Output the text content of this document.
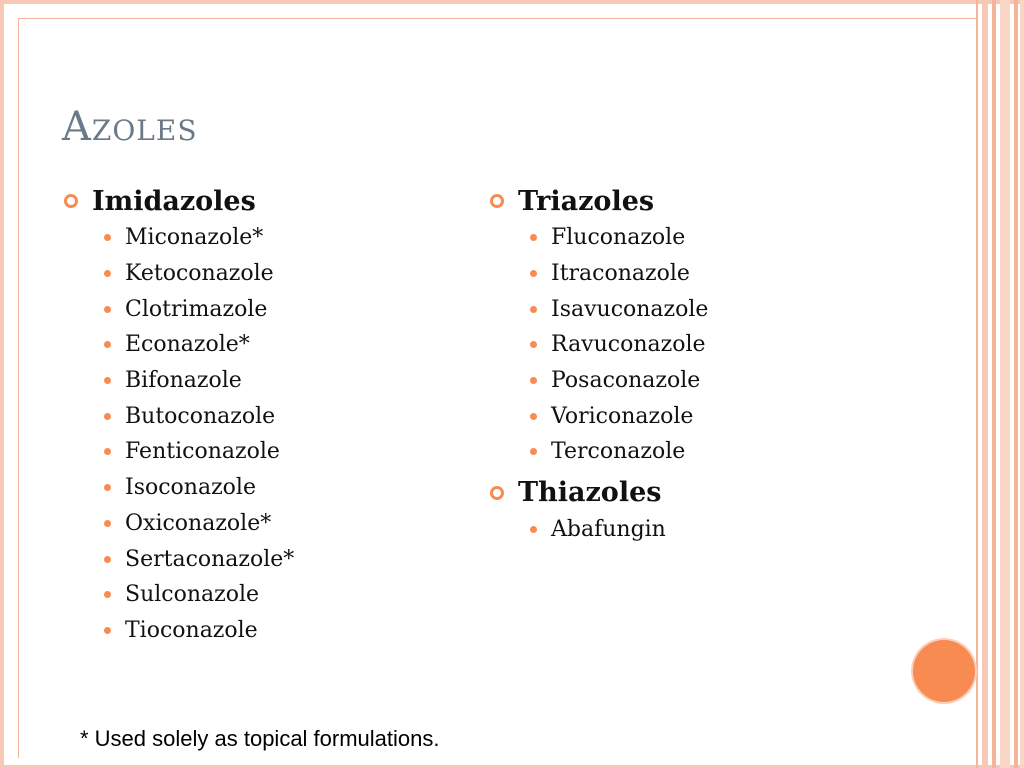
Azoles
Imidazoles
Miconazole*
Ketoconazole
Clotrimazole
Econazole*
Bifonazole
Butoconazole
Fenticonazole
Isoconazole
Oxiconazole*
Sertaconazole*
Sulconazole
Tioconazole
Triazoles
Fluconazole
Itraconazole
Isavuconazole
Ravuconazole
Posaconazole
Voriconazole
Terconazole
Thiazoles
Abafungin
* Used solely as topical formulations.
